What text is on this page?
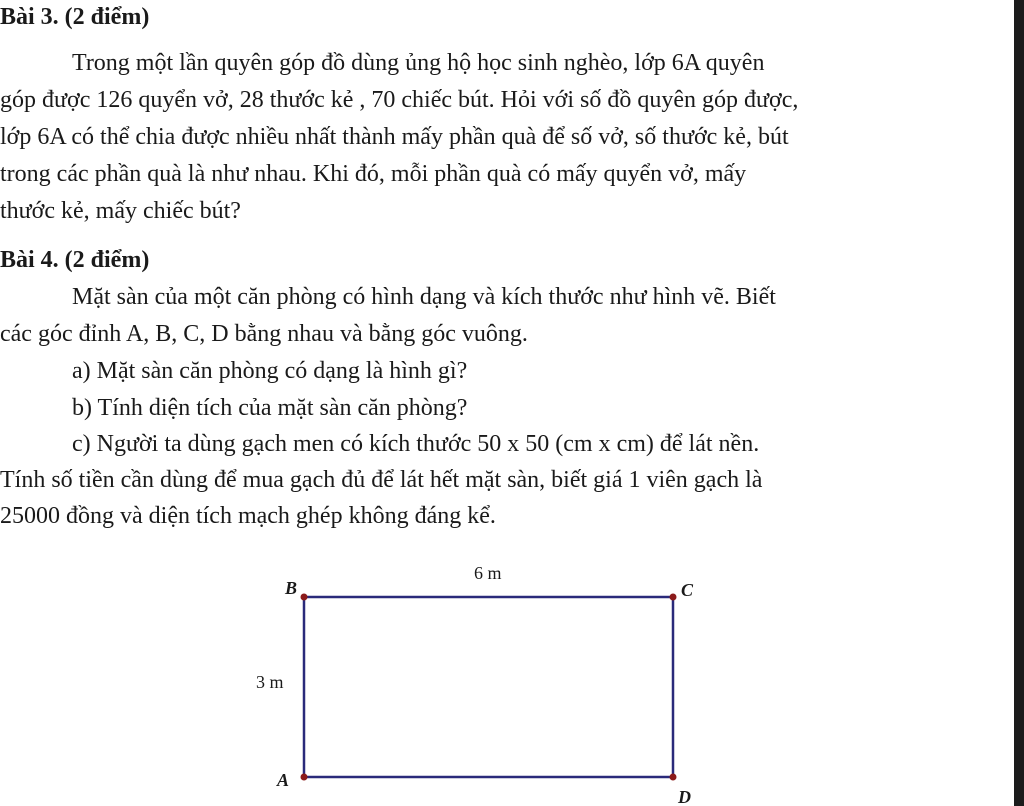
Bài 3. (2 điểm)
Trong một lần quyên góp đồ dùng ủng hộ học sinh nghèo, lớp 6A quyên
góp được 126 quyển vở, 28 thước kẻ , 70 chiếc bút. Hỏi với số đồ quyên góp được,
lớp 6A có thể chia được nhiều nhất thành mấy phần quà để số vở, số thước kẻ, bút
trong các phần quà là như nhau. Khi đó, mỗi phần quà có mấy quyển vở, mấy
thước kẻ, mấy chiếc bút?
Bài 4. (2 điểm)
Mặt sàn của một căn phòng có hình dạng và kích thước như hình vẽ. Biết
các góc đỉnh A, B, C, D bằng nhau và bằng góc vuông.
a) Mặt sàn căn phòng có dạng là hình gì?
b) Tính diện tích của mặt sàn căn phòng?
c) Người ta dùng gạch men có kích thước 50 x 50 (cm x cm) để lát nền.
Tính số tiền cần dùng để mua gạch đủ để lát hết mặt sàn, biết giá 1 viên gạch là
25000 đồng và diện tích mạch ghép không đáng kể.
B	C
A
D
6 m
3 m
